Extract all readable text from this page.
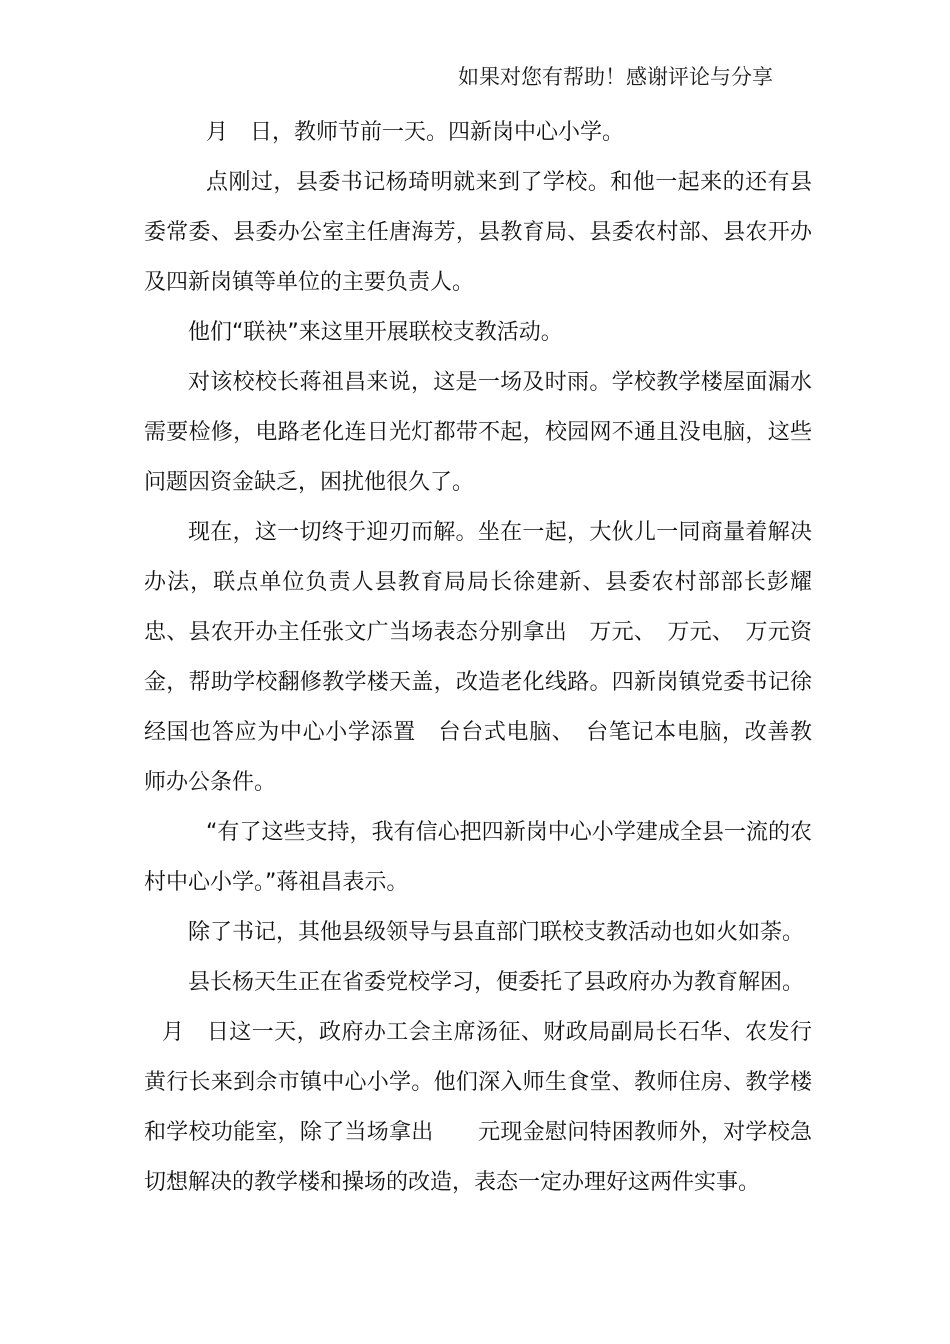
如果对您有帮助！感谢评论与分享

月　日，教师节前一天。四新岗中心小学。

点刚过，县委书记杨琦明就来到了学校。和他一起来的还有县委常委、县委办公室主任唐海芳，县教育局、县委农村部、县农开办及四新岗镇等单位的主要负责人。

他们“联袂”来这里开展联校支教活动。

对该校校长蒋祖昌来说，这是一场及时雨。学校教学楼屋面漏水需要检修，电路老化连日光灯都带不起，校园网不通且没电脑，这些问题因资金缺乏，困扰他很久了。

现在，这一切终于迎刃而解。坐在一起，大伙儿一同商量着解决办法，联点单位负责人县教育局局长徐建新、县委农村部部长彭耀忠、县农开办主任张文广当场表态分别拿出　万元、　万元、　万元资金，帮助学校翻修教学楼天盖，改造老化线路。四新岗镇党委书记徐经国也答应为中心小学添置　台台式电脑、　台笔记本电脑，改善教师办公条件。

“有了这些支持，我有信心把四新岗中心小学建成全县一流的农村中心小学。”蒋祖昌表示。

除了书记，其他县级领导与县直部门联校支教活动也如火如荼。

县长杨天生正在省委党校学习，便委托了县政府办为教育解困。

月　日这一天，政府办工会主席汤征、财政局副局长石华、农发行黄行长来到佘市镇中心小学。他们深入师生食堂、教师住房、教学楼和学校功能室，除了当场拿出　　元现金慰问特困教师外，对学校急切想解决的教学楼和操场的改造，表态一定办理好这两件实事。
